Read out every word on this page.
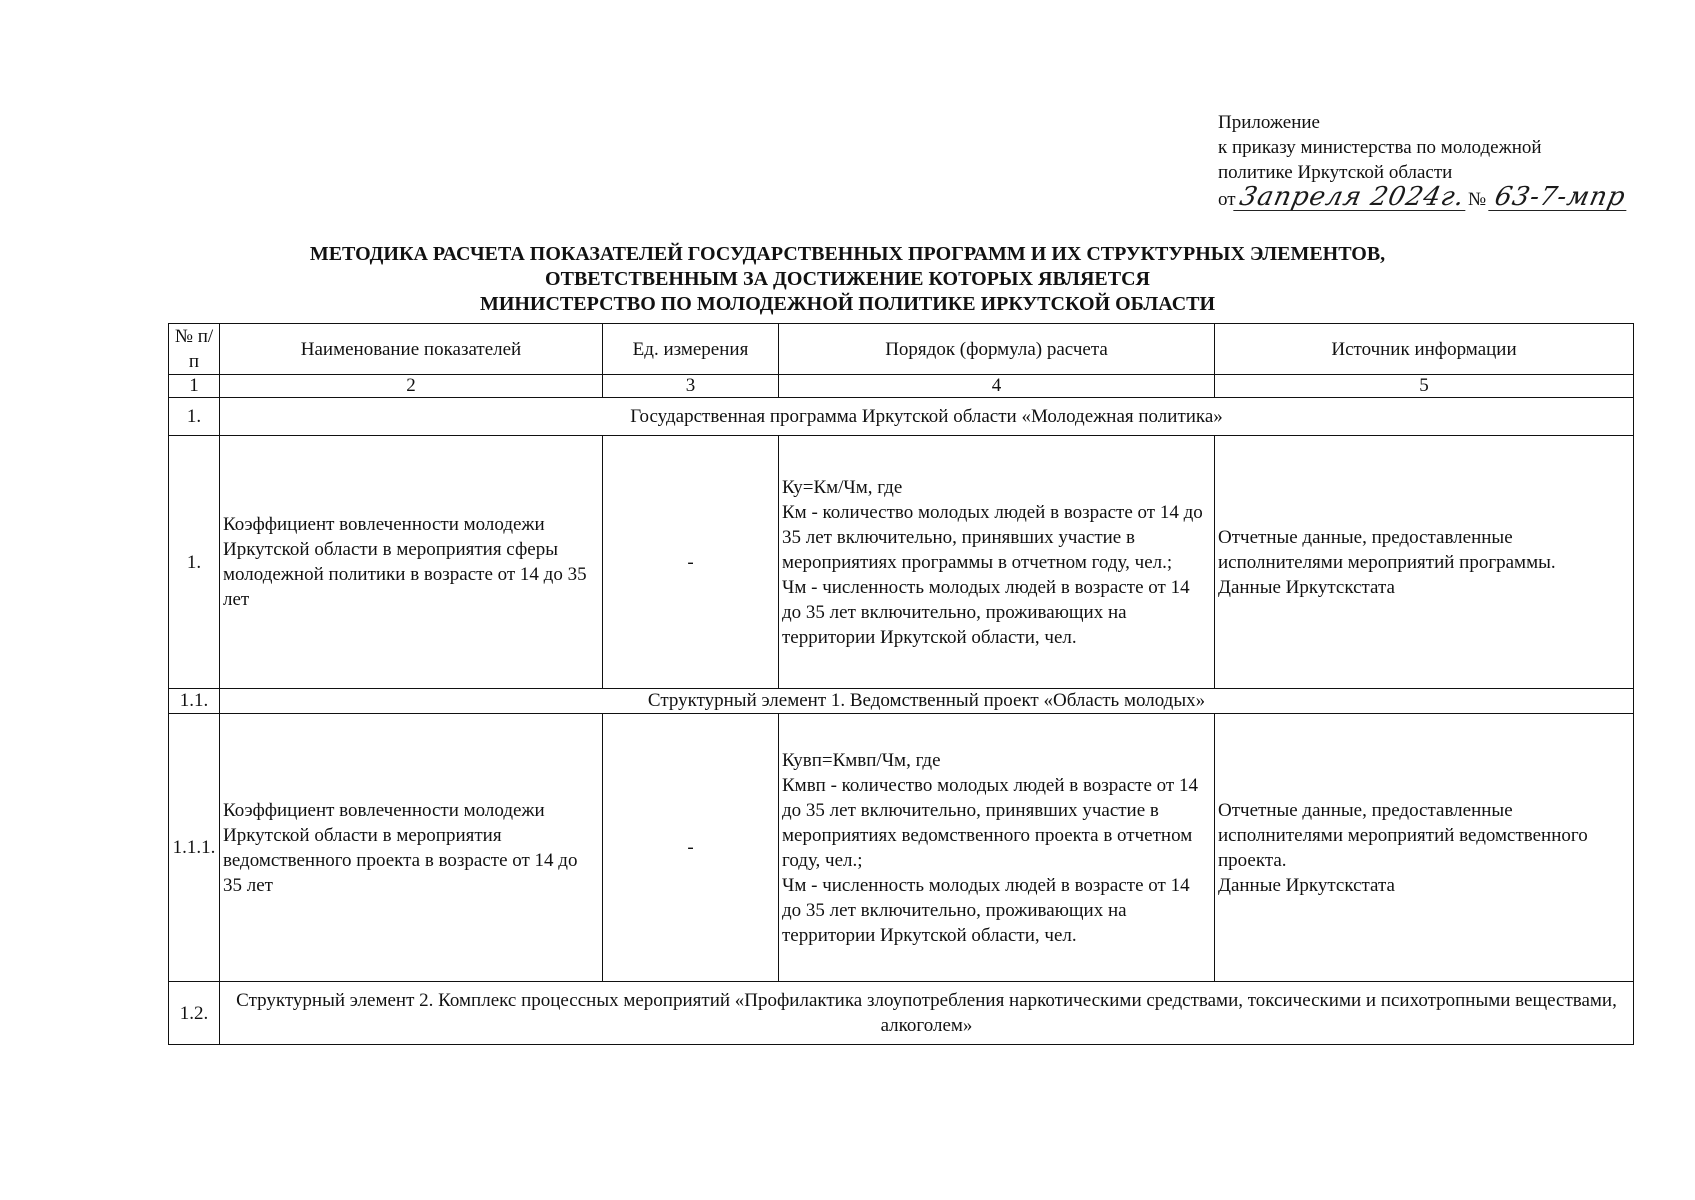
Приложение
к приказу министерства по молодежной
политике Иркутской области
от3апреля 2024г.№ 63-7-мпр
МЕТОДИКА РАСЧЕТА ПОКАЗАТЕЛЕЙ ГОСУДАРСТВЕННЫХ ПРОГРАММ И ИХ СТРУКТУРНЫХ ЭЛЕМЕНТОВ,
ОТВЕТСТВЕННЫМ ЗА ДОСТИЖЕНИЕ КОТОРЫХ ЯВЛЯЕТСЯ
МИНИСТЕРСТВО ПО МОЛОДЕЖНОЙ ПОЛИТИКЕ ИРКУТСКОЙ ОБЛАСТИ
№ п/п	Наименование показателей	Ед. измерения	Порядок (формула) расчета	Источник информации
1	2	3	4	5
1.	Государственная программа Иркутской области «Молодежная политика»			
1.	Коэффициент вовлеченности молодежи Иркутской области в мероприятия сферы молодежной политики в возрасте от 14 до 35 лет	-	Ку=Км/Чм, где
Км - количество молодых людей в возрасте от 14 до 35 лет включительно, принявших участие в мероприятиях программы в отчетном году, чел.;
Чм - численность молодых людей в возрасте от 14 до 35 лет включительно, проживающих на территории Иркутской области, чел.	Отчетные данные, предоставленные исполнителями мероприятий программы.
Данные Иркутскстата
1.1.	Структурный элемент 1. Ведомственный проект «Область молодых»			
1.1.1.	Коэффициент вовлеченности молодежи Иркутской области в мероприятия ведомственного проекта в возрасте от 14 до 35 лет	-	Кувп=Кмвп/Чм, где
Кмвп - количество молодых людей в возрасте от 14 до 35 лет включительно, принявших участие в мероприятиях ведомственного проекта в отчетном году, чел.;
Чм - численность молодых людей в возрасте от 14 до 35 лет включительно, проживающих на территории Иркутской области, чел.	Отчетные данные, предоставленные исполнителями мероприятий ведомственного проекта.
Данные Иркутскстата
1.2.	Структурный элемент 2. Комплекс процессных мероприятий «Профилактика злоупотребления наркотическими средствами, токсическими и психотропными веществами, алкоголем»			
